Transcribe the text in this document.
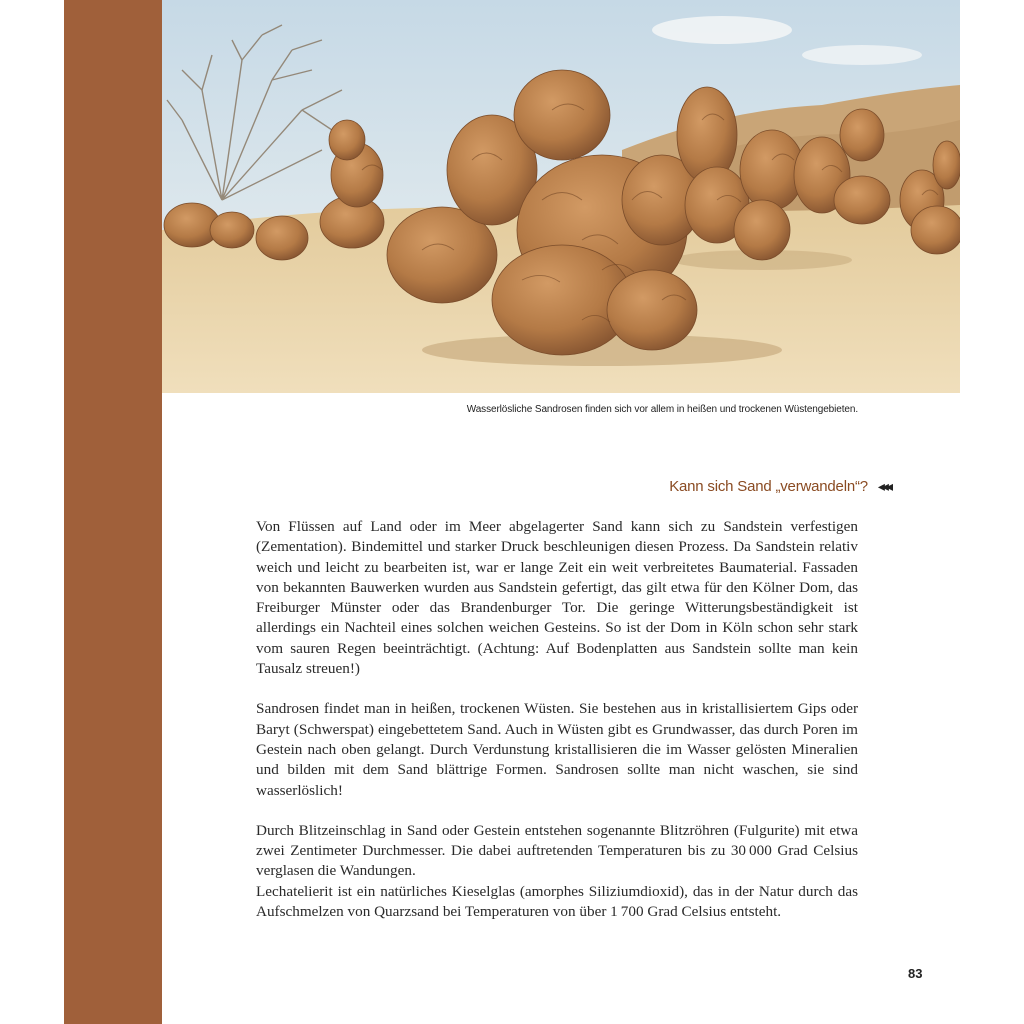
Wasserlösliche Sandrosen finden sich vor allem in heißen und trockenen Wüstengebieten.
Kann sich Sand „verwandeln“? ◂◂◂

Von Flüssen auf Land oder im Meer abgelagerter Sand kann sich zu Sandstein verfestigen (Zementation). Bindemittel und starker Druck beschleunigen diesen Prozess. Da Sandstein relativ weich und leicht zu bearbeiten ist, war er lange Zeit ein weit verbreitetes Baumaterial. Fassaden von bekannten Bauwerken wurden aus Sandstein gefertigt, das gilt etwa für den Kölner Dom, das Freiburger Münster oder das Brandenburger Tor. Die geringe Witterungsbeständigkeit ist allerdings ein Nachteil eines solchen weichen Gesteins. So ist der Dom in Köln schon sehr stark vom sauren Regen beeinträchtigt. (Achtung: Auf Bodenplatten aus Sandstein sollte man kein Tausalz streuen!)

Sandrosen findet man in heißen, trockenen Wüsten. Sie bestehen aus in kristallisiertem Gips oder Baryt (Schwerspat) eingebettetem Sand. Auch in Wüsten gibt es Grundwasser, das durch Poren im Gestein nach oben gelangt. Durch Verdunstung kristallisieren die im Wasser gelösten Mineralien und bilden mit dem Sand blättrige Formen. Sandrosen sollte man nicht waschen, sie sind wasserlöslich!

Durch Blitzeinschlag in Sand oder Gestein entstehen sogenannte Blitzröhren (Fulgurite) mit etwa zwei Zentimeter Durchmesser. Die dabei auftretenden Temperaturen bis zu 30 000 Grad Celsius verglasen die Wandungen.

Lechatelierit ist ein natürliches Kieselglas (amorphes Siliziumdioxid), das in der Natur durch das Aufschmelzen von Quarzsand bei Temperaturen von über 1 700 Grad Celsius entsteht.

83
